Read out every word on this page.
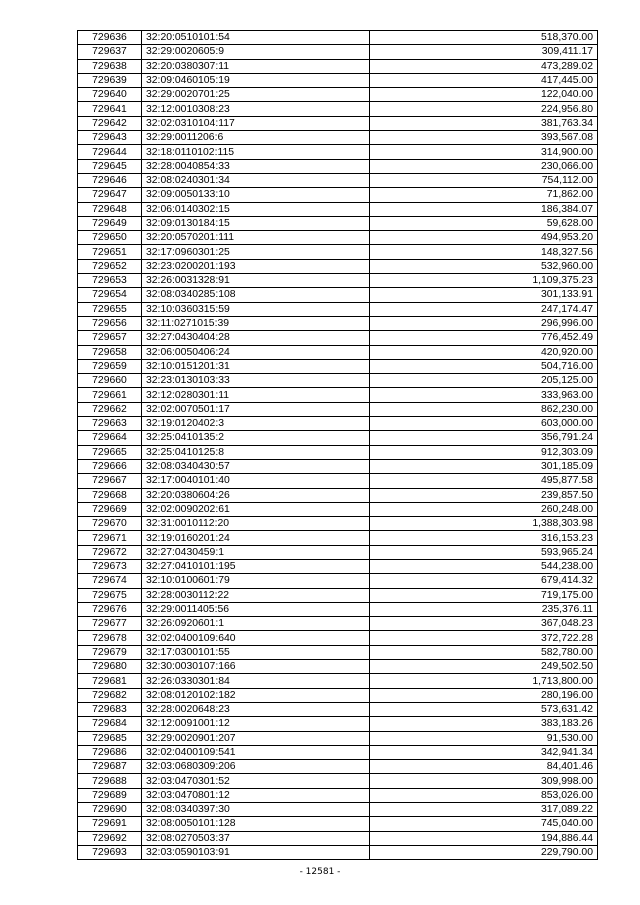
729636	32:20:0510101:54	518,370.00
729637	32:29:0020605:9	309,411.17
729638	32:20:0380307:11	473,289.02
729639	32:09:0460105:19	417,445.00
729640	32:29:0020701:25	122,040.00
729641	32:12:0010308:23	224,956.80
729642	32:02:0310104:117	381,763.34
729643	32:29:0011206:6	393,567.08
729644	32:18:0110102:115	314,900.00
729645	32:28:0040854:33	230,066.00
729646	32:08:0240301:34	754,112.00
729647	32:09:0050133:10	71,862.00
729648	32:06:0140302:15	186,384.07
729649	32:09:0130184:15	59,628.00
729650	32:20:0570201:111	494,953.20
729651	32:17:0960301:25	148,327.56
729652	32:23:0200201:193	532,960.00
729653	32:26:0031328:91	1,109,375.23
729654	32:08:0340285:108	301,133.91
729655	32:10:0360315:59	247,174.47
729656	32:11:0271015:39	296,996.00
729657	32:27:0430404:28	776,452.49
729658	32:06:0050406:24	420,920.00
729659	32:10:0151201:31	504,716.00
729660	32:23:0130103:33	205,125.00
729661	32:12:0280301:11	333,963.00
729662	32:02:0070501:17	862,230.00
729663	32:19:0120402:3	603,000.00
729664	32:25:0410135:2	356,791.24
729665	32:25:0410125:8	912,303.09
729666	32:08:0340430:57	301,185.09
729667	32:17:0040101:40	495,877.58
729668	32:20:0380604:26	239,857.50
729669	32:02:0090202:61	260,248.00
729670	32:31:0010112:20	1,388,303.98
729671	32:19:0160201:24	316,153.23
729672	32:27:0430459:1	593,965.24
729673	32:27:0410101:195	544,238.00
729674	32:10:0100601:79	679,414.32
729675	32:28:0030112:22	719,175.00
729676	32:29:0011405:56	235,376.11
729677	32:26:0920601:1	367,048.23
729678	32:02:0400109:640	372,722.28
729679	32:17:0300101:55	582,780.00
729680	32:30:0030107:166	249,502.50
729681	32:26:0330301:84	1,713,800.00
729682	32:08:0120102:182	280,196.00
729683	32:28:0020648:23	573,631.42
729684	32:12:0091001:12	383,183.26
729685	32:29:0020901:207	91,530.00
729686	32:02:0400109:541	342,941.34
729687	32:03:0680309:206	84,401.46
729688	32:03:0470301:52	309,998.00
729689	32:03:0470801:12	853,026.00
729690	32:08:0340397:30	317,089.22
729691	32:08:0050101:128	745,040.00
729692	32:08:0270503:37	194,886.44
729693	32:03:0590103:91	229,790.00
- 12581 -
